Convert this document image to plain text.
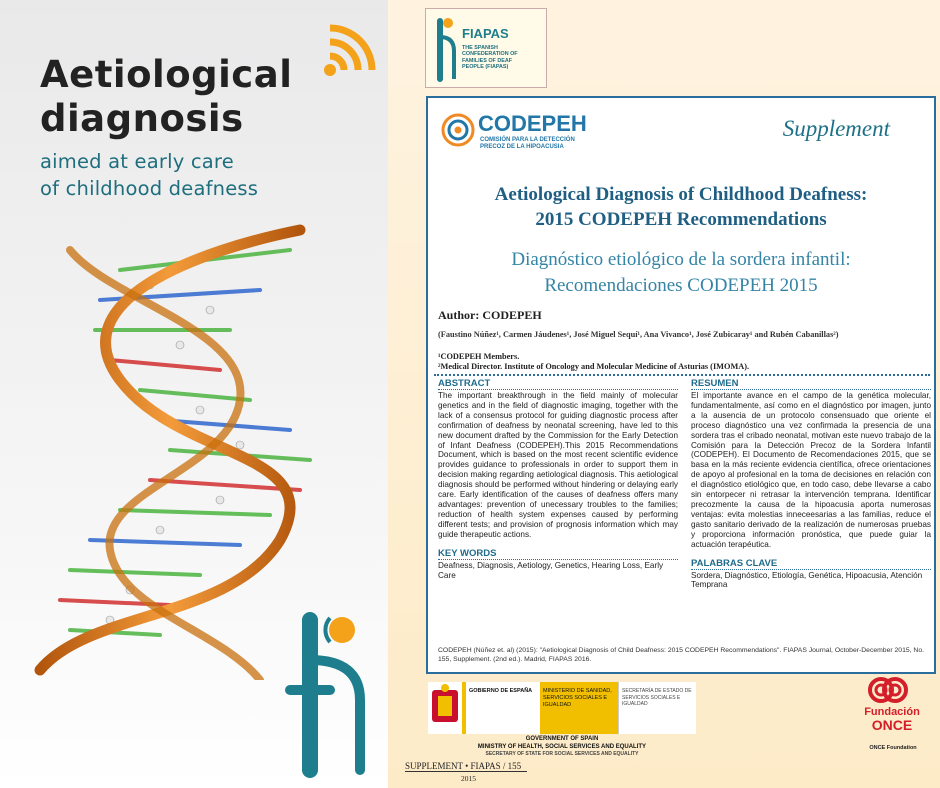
Aetiological
diagnosis
aimed at early care
of childhood deafness
FIAPAS
THE SPANISH
CONFEDERATION OF
FAMILIES OF DEAF
PEOPLE (FIAPAS)
CODEPEH
COMISIÓN PARA LA DETECCIÓN
PRECOZ DE LA HIPOACUSIA
Supplement
Aetiological Diagnosis of Childhood Deafness:
2015 CODEPEH Recommendations
Diagnóstico etiológico de la sordera infantil:
Recomendaciones CODEPEH 2015
Author: CODEPEH
(Faustino Núñez¹, Carmen Jáudenes¹, José Miguel Sequí¹, Ana Vivanco¹, José Zubicaray¹ and Rubén Cabanillas²)
¹CODEPEH Members.
²Medical Director. Institute of Oncology and Molecular Medicine of Asturias (IMOMA).
ABSTRACT
The important breakthrough in the field mainly of molecular genetics and in the field of diagnostic imaging, together with the lack of a consensus protocol for guiding diagnostic process after confirmation of deafness by neonatal screening, have led to this new document drafted by the Commission for the Early Detection of Infant Deafness (CODEPEH).This 2015 Recommendations Document, which is based on the most recent scientific evidence provides guidance to professionals in order to support them in decision making regarding aetiological diagnosis. This aetiological diagnosis should be performed without hindering or delaying early care. Early identification of the causes of deafness offers many advantages: prevention of unecessary troubles to the families; reduction of health system expenses caused by performing different tests; and provision of prognosis information which may guide therapeutic actions.
KEY WORDS
Deafness, Diagnosis, Aetiology, Genetics, Hearing Loss, Early Care
RESUMEN
El importante avance en el campo de la genética molecular, fundamentalmente, así como en el diagnóstico por imagen, junto a la ausencia de un protocolo consensuado que oriente el proceso diagnóstico una vez confirmada la presencia de una sordera tras el cribado neonatal, motivan este nuevo trabajo de la Comisión para la Detección Precoz de la Sordera Infantil (CODEPEH). El Documento de Recomendaciones 2015, que se basa en la más reciente evidencia científica, ofrece orientaciones de apoyo al profesional en la toma de decisiones en relación con el diagnóstico etiológico que, en todo caso, debe llevarse a cabo sin entorpecer ni retrasar la intervención temprana. Identificar precozmente la causa de la hipoacusia aporta numerosas ventajas: evita molestias inneceesarias a las familias, reduce el gasto sanitario derivado de la realización de numerosas pruebas y proporciona información pronóstica, que puede guiar la actuación terapéutica.
PALABRAS CLAVE
Sordera, Diagnóstico, Etiología, Genética, Hipoacusia, Atención Temprana
CODEPEH (Núñez et. al) (2015): "Aetiological Diagnosis of Child Deafness: 2015 CODEPEH Recommendations". FIAPAS Journal, October-December 2015, No. 155, Supplement. (2nd ed.). Madrid, FIAPAS 2016.
GOBIERNO DE ESPAÑA	MINISTERIO DE SANIDAD, SERVICIOS SOCIALES E IGUALDAD
SECRETARÍA DE ESTADO DE SERVICIOS SOCIALES E IGUALDAD
GOVERNMENT OF SPAIN
MINISTRY OF HEALTH, SOCIAL SERVICES AND EQUALITY
SECRETARY OF STATE FOR SOCIAL SERVICES AND EQUALITY
Fundación
ONCE
ONCE Foundation
SUPPLEMENT • FIAPAS / 155
2015
